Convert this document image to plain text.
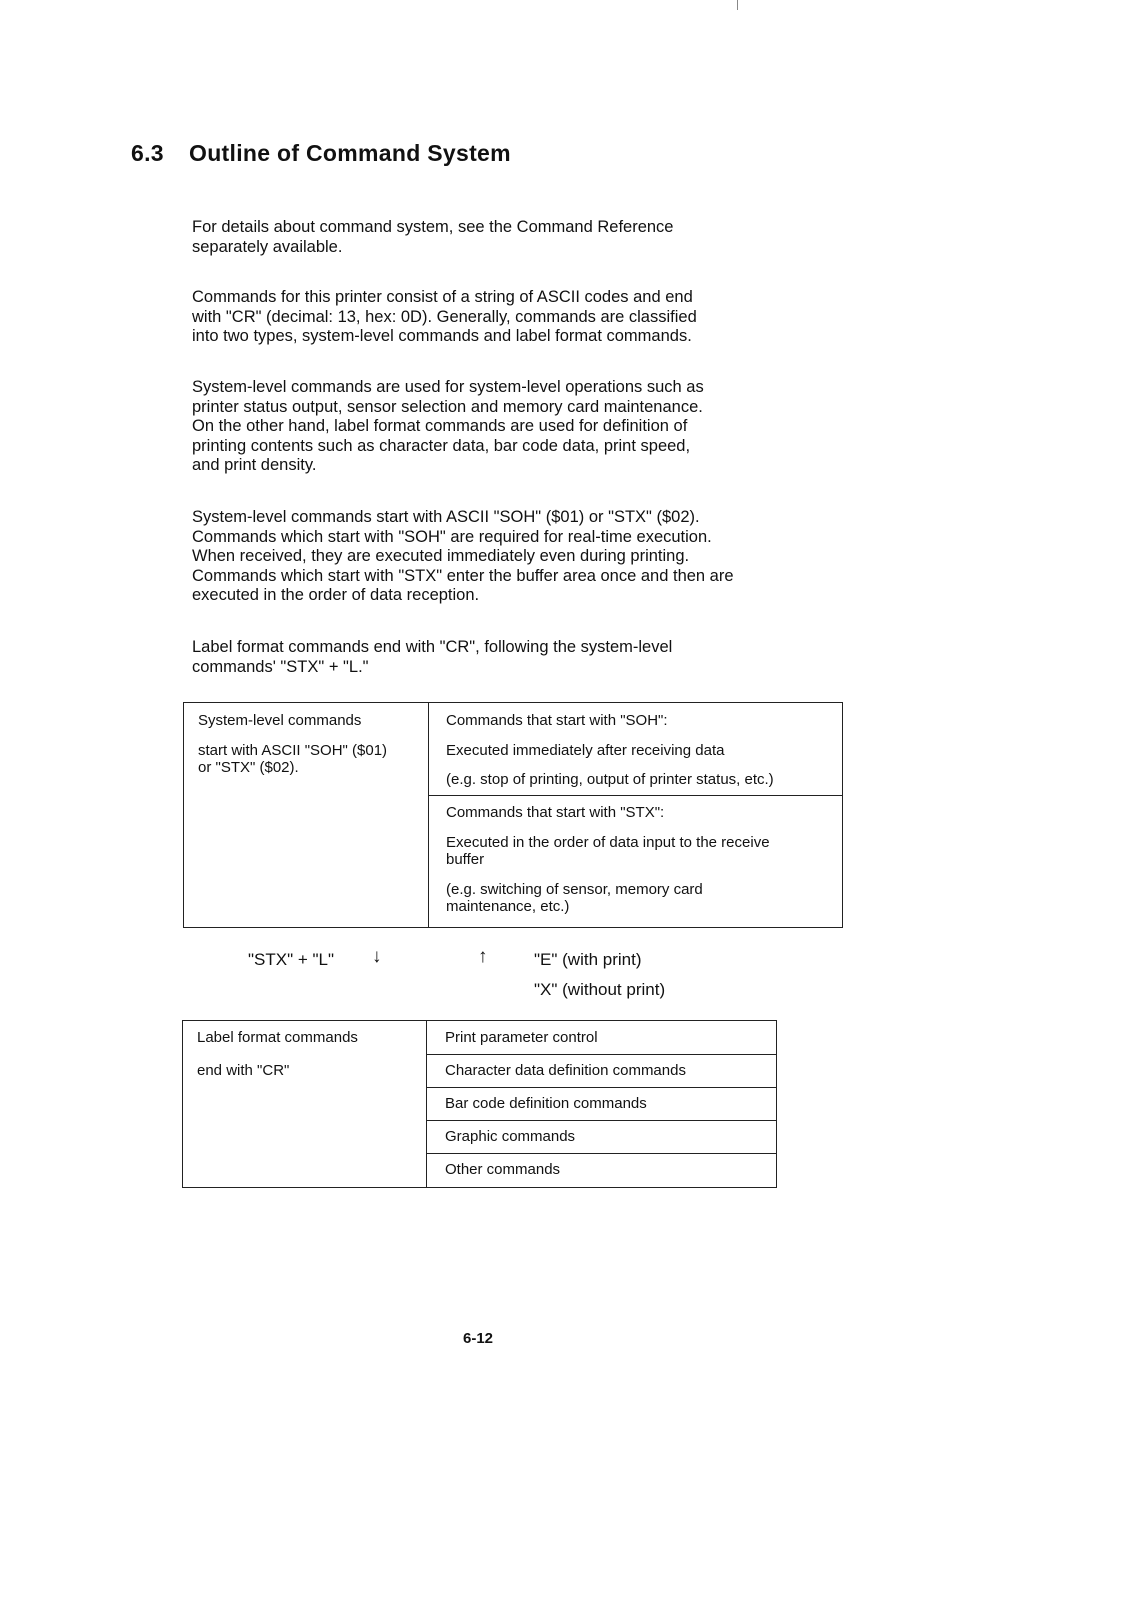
6.3 Outline of Command System

For details about command system, see the Command Reference
separately available.

Commands for this printer consist of a string of ASCII codes and end
with "CR" (decimal: 13, hex: 0D). Generally, commands are classified
into two types, system-level commands and label format commands.

System-level commands are used for system-level operations such as
printer status output, sensor selection and memory card maintenance.
On the other hand, label format commands are used for definition of
printing contents such as character data, bar code data, print speed,
and print density.

System-level commands start with ASCII "SOH" ($01) or "STX" ($02).
Commands which start with "SOH" are required for real-time execution.
When received, they are executed immediately even during printing.
Commands which start with "STX" enter the buffer area once and then are
executed in the order of data reception.

Label format commands end with "CR", following the system-level
commands' "STX" + "L."

System-level commands
start with ASCII "SOH" ($01)
or "STX" ($02).
Commands that start with "SOH":
Executed immediately after receiving data
(e.g. stop of printing, output of printer status, etc.)
Commands that start with "STX":
Executed in the order of data input to the receive
buffer
(e.g. switching of sensor, memory card
maintenance, etc.)
"STX" + "L" ↓	↑	"E" (with print)
"X" (without print)
Label format commands
end with "CR"
Print parameter control
Character data definition commands
Bar code definition commands
Graphic commands
Other commands
6-12
